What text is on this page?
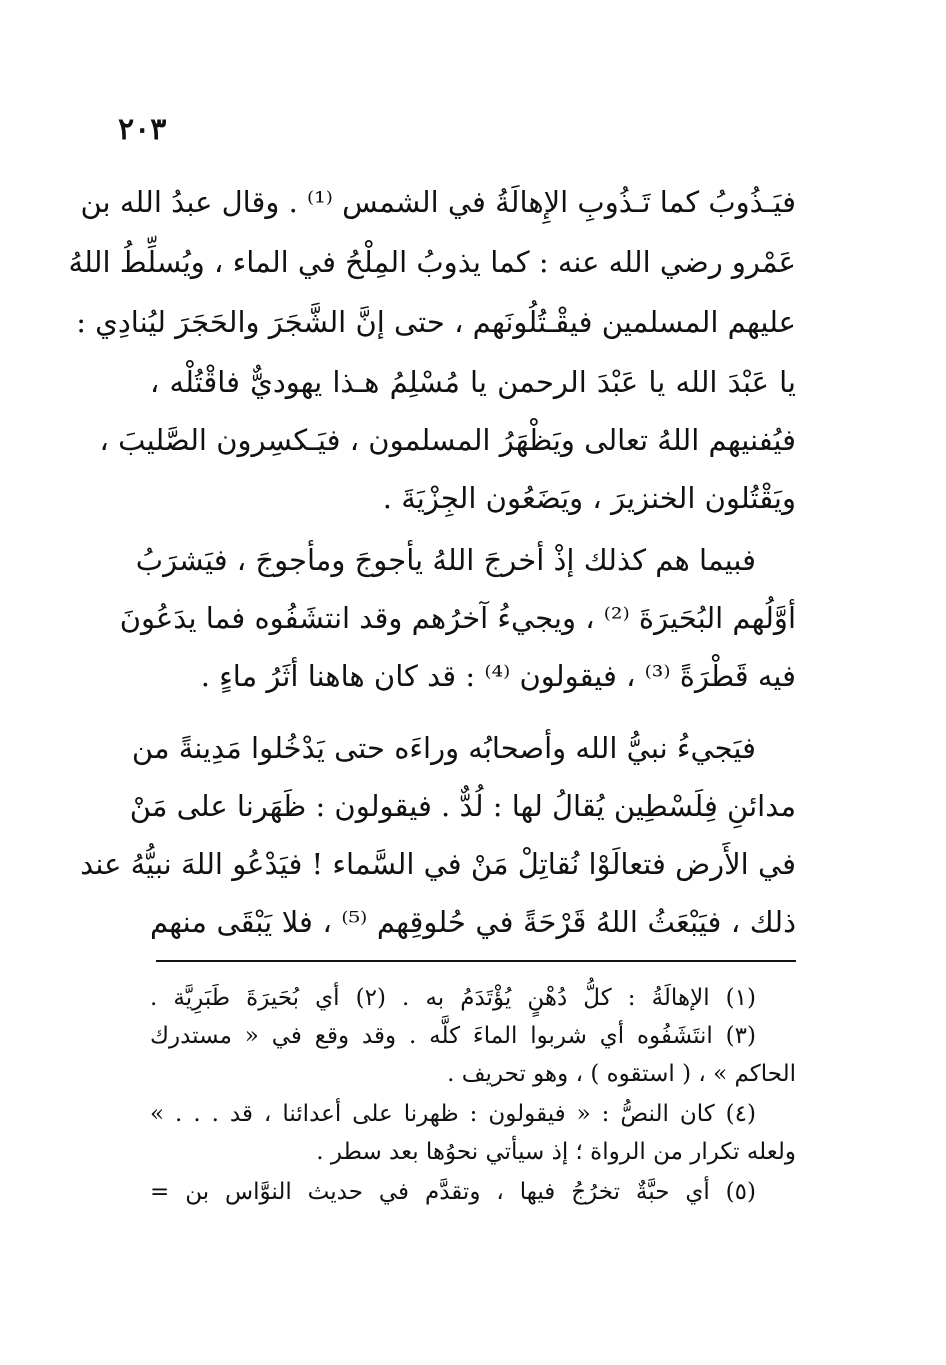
٢٠٣
فيَـذُوبُ كما تَـذُوبِ الإِهالَةُ في الشمس ⁽¹⁾ . وقال عبدُ الله بن
عَمْرو رضي الله عنه : كما يذوبُ المِلْحُ في الماء ، ويُسلِّطُ اللهُ
عليهم المسلمين فيقْـتُلُونَهم ، حتى إنَّ الشَّجَرَ والحَجَرَ ليُنادِي :
يا عَبْدَ الله يا عَبْدَ الرحمن يا مُسْلِمُ هـذا يهوديٌّ فاقْتُلْه ،
فيُفنيهم اللهُ تعالى ويَظْهَرُ المسلمون ، فيَـكسِرون الصَّليبَ ،
ويَقْتُلون الخنزيرَ ، ويَضَعُون الجِزْيَةَ .
فبيما هم كذلك إذْ أخرجَ اللهُ يأجوجَ ومأجوجَ ، فيَشرَبُ
أوَّلُهم البُحَيرَةَ ⁽²⁾ ، ويجيءُ آخرُهم وقد انتشَفُوه فما يدَعُونَ
فيه قَطْرَةً ⁽³⁾ ، فيقولون ⁽⁴⁾ : قد كان هاهنا أثَرُ ماءٍ .
فيَجيءُ نبيُّ الله وأصحابُه وراءَه حتى يَدْخُلوا مَدِينةً من
مدائنِ فِلَسْطِين يُقالُ لها : لُدٌّ . فيقولون : ظَهَرنا على مَنْ
في الأَرض فتعالَوْا نُقاتِلْ مَنْ في السَّماء ! فيَدْعُو اللهَ نبيُّهُ عند
ذلك ، فيَبْعَثُ اللهُ قَرْحَةً في حُلوقِهم ⁽⁵⁾ ، فلا يَبْقَى منهم
(١) الإهالَةُ : كلُّ دُهْنٍ يُؤْتَدَمُ به . (٢) أي بُحَيرَةَ طَبَرِيَّة .
(٣) انتَشَفُوه أي شربوا الماءَ كلَّه . وقد وقع في « مستدرك
الحاكم » ، ( استقوه ) ، وهو تحريف .
(٤) كان النصُّ : « فيقولون : ظهرنا على أعدائنا ، قد . . . »
ولعله تكرار من الرواة ؛ إذ سيأتي نحوُها بعد سطر .
(٥) أي حبَّةٌ تخرُجُ فيها ، وتقدَّم في حديث النوَّاس بن =
